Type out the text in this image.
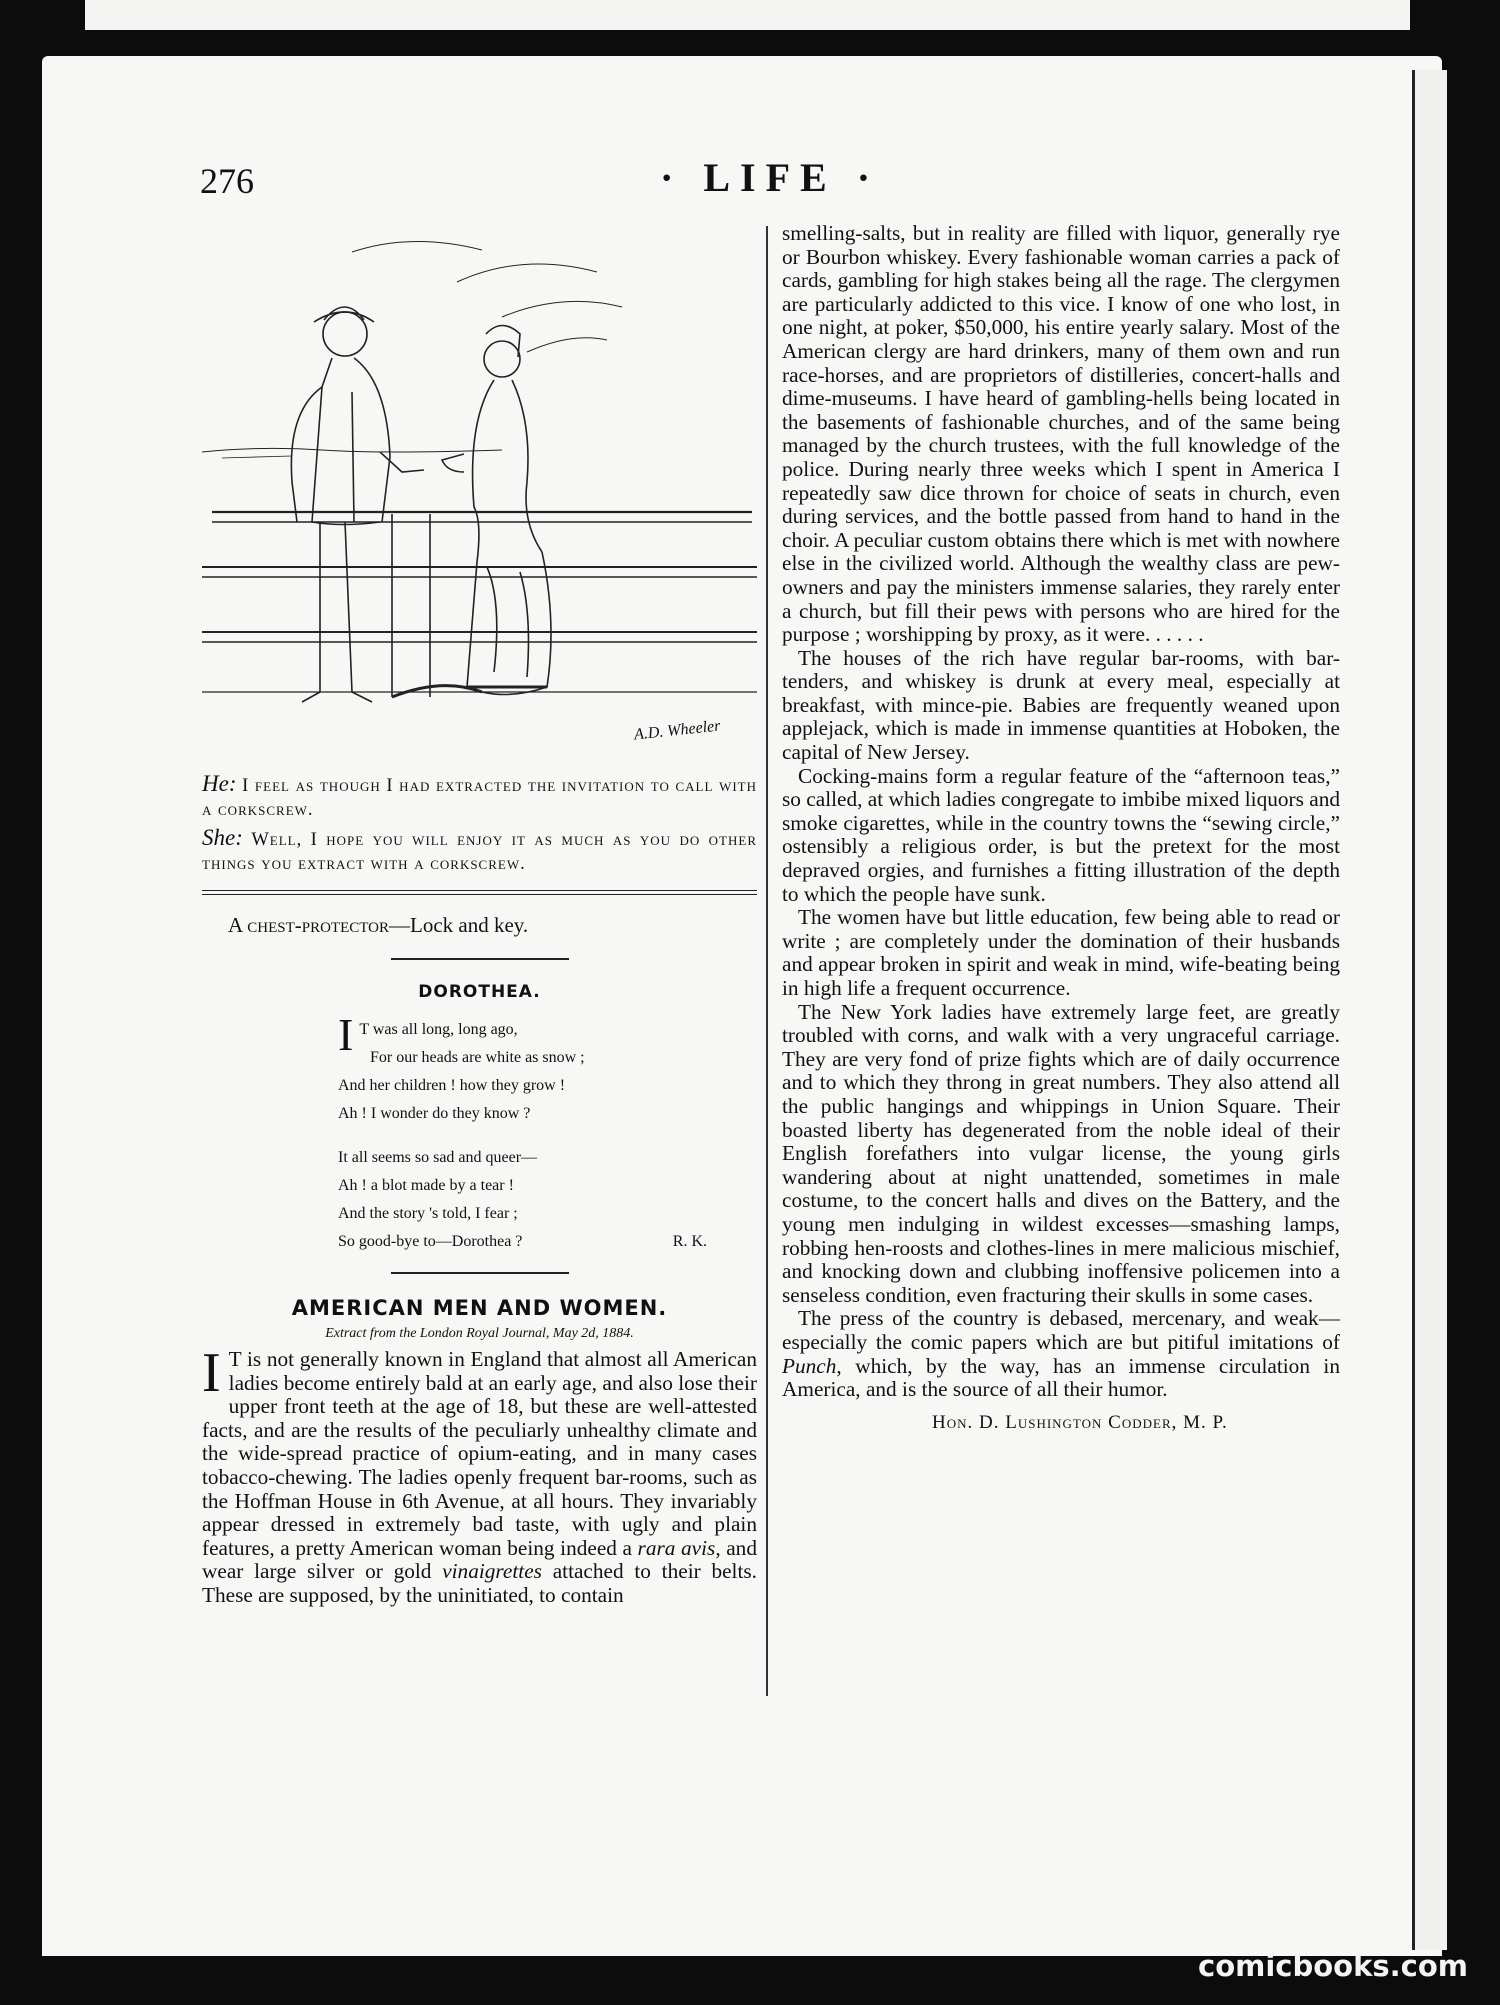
276	· LIFE ·
A.D. Wheeler

He: I feel as though I had extracted the invitation to call with a corkscrew.

She: Well, I hope you will enjoy it as much as you do other things you extract with a corkscrew.

A chest-protector—Lock and key.
DOROTHEA.
I T was all long, long ago,
For our heads are white as snow ;
And her children ! how they grow !
Ah ! I wonder do they know ?
It all seems so sad and queer—
Ah ! a blot made by a tear !
And the story 's told, I fear ;
So good-bye to—Dorothea ?	R. K.
AMERICAN MEN AND WOMEN.
Extract from the London Royal Journal, May 2d, 1884.

I T is not generally known in England that almost all American ladies become entirely bald at an early age, and also lose their upper front teeth at the age of 18, but these are well-attested facts, and are the results of the peculiarly unhealthy climate and the wide-spread practice of opium-eating, and in many cases tobacco-chewing. The ladies openly frequent bar-rooms, such as the Hoffman House in 6th Avenue, at all hours. They invariably appear dressed in extremely bad taste, with ugly and plain features, a pretty American woman being indeed a rara avis, and wear large silver or gold vinaigrettes attached to their belts. These are supposed, by the uninitiated, to contain

smelling-salts, but in reality are filled with liquor, generally rye or Bourbon whiskey. Every fashionable woman carries a pack of cards, gambling for high stakes being all the rage. The clergymen are particularly addicted to this vice. I know of one who lost, in one night, at poker, $50,000, his entire yearly salary. Most of the American clergy are hard drinkers, many of them own and run race-horses, and are proprietors of distilleries, concert-halls and dime-museums. I have heard of gambling-hells being located in the basements of fashionable churches, and of the same being managed by the church trustees, with the full knowledge of the police. During nearly three weeks which I spent in America I repeatedly saw dice thrown for choice of seats in church, even during services, and the bottle passed from hand to hand in the choir. A peculiar custom obtains there which is met with nowhere else in the civilized world. Although the wealthy class are pew-owners and pay the ministers immense salaries, they rarely enter a church, but fill their pews with persons who are hired for the purpose ; worshipping by proxy, as it were. . . . . .

The houses of the rich have regular bar-rooms, with bar-tenders, and whiskey is drunk at every meal, especially at breakfast, with mince-pie. Babies are frequently weaned upon applejack, which is made in immense quantities at Hoboken, the capital of New Jersey.

Cocking-mains form a regular feature of the “afternoon teas,” so called, at which ladies congregate to imbibe mixed liquors and smoke cigarettes, while in the country towns the “sewing circle,” ostensibly a religious order, is but the pretext for the most depraved orgies, and furnishes a fitting illustration of the depth to which the people have sunk.

The women have but little education, few being able to read or write ; are completely under the domination of their husbands and appear broken in spirit and weak in mind, wife-beating being in high life a frequent occurrence.

The New York ladies have extremely large feet, are greatly troubled with corns, and walk with a very ungraceful carriage. They are very fond of prize fights which are of daily occurrence and to which they throng in great numbers. They also attend all the public hangings and whippings in Union Square. Their boasted liberty has degenerated from the noble ideal of their English forefathers into vulgar license, the young girls wandering about at night unattended, sometimes in male costume, to the concert halls and dives on the Battery, and the young men indulging in wildest excesses—smashing lamps, robbing hen-roosts and clothes-lines in mere malicious mischief, and knocking down and clubbing inoffensive policemen into a senseless condition, even fracturing their skulls in some cases.

The press of the country is debased, mercenary, and weak—especially the comic papers which are but pitiful imitations of Punch, which, by the way, has an immense circulation in America, and is the source of all their humor.

Hon. D. Lushington Codder, M. P.
comicbooks.com
